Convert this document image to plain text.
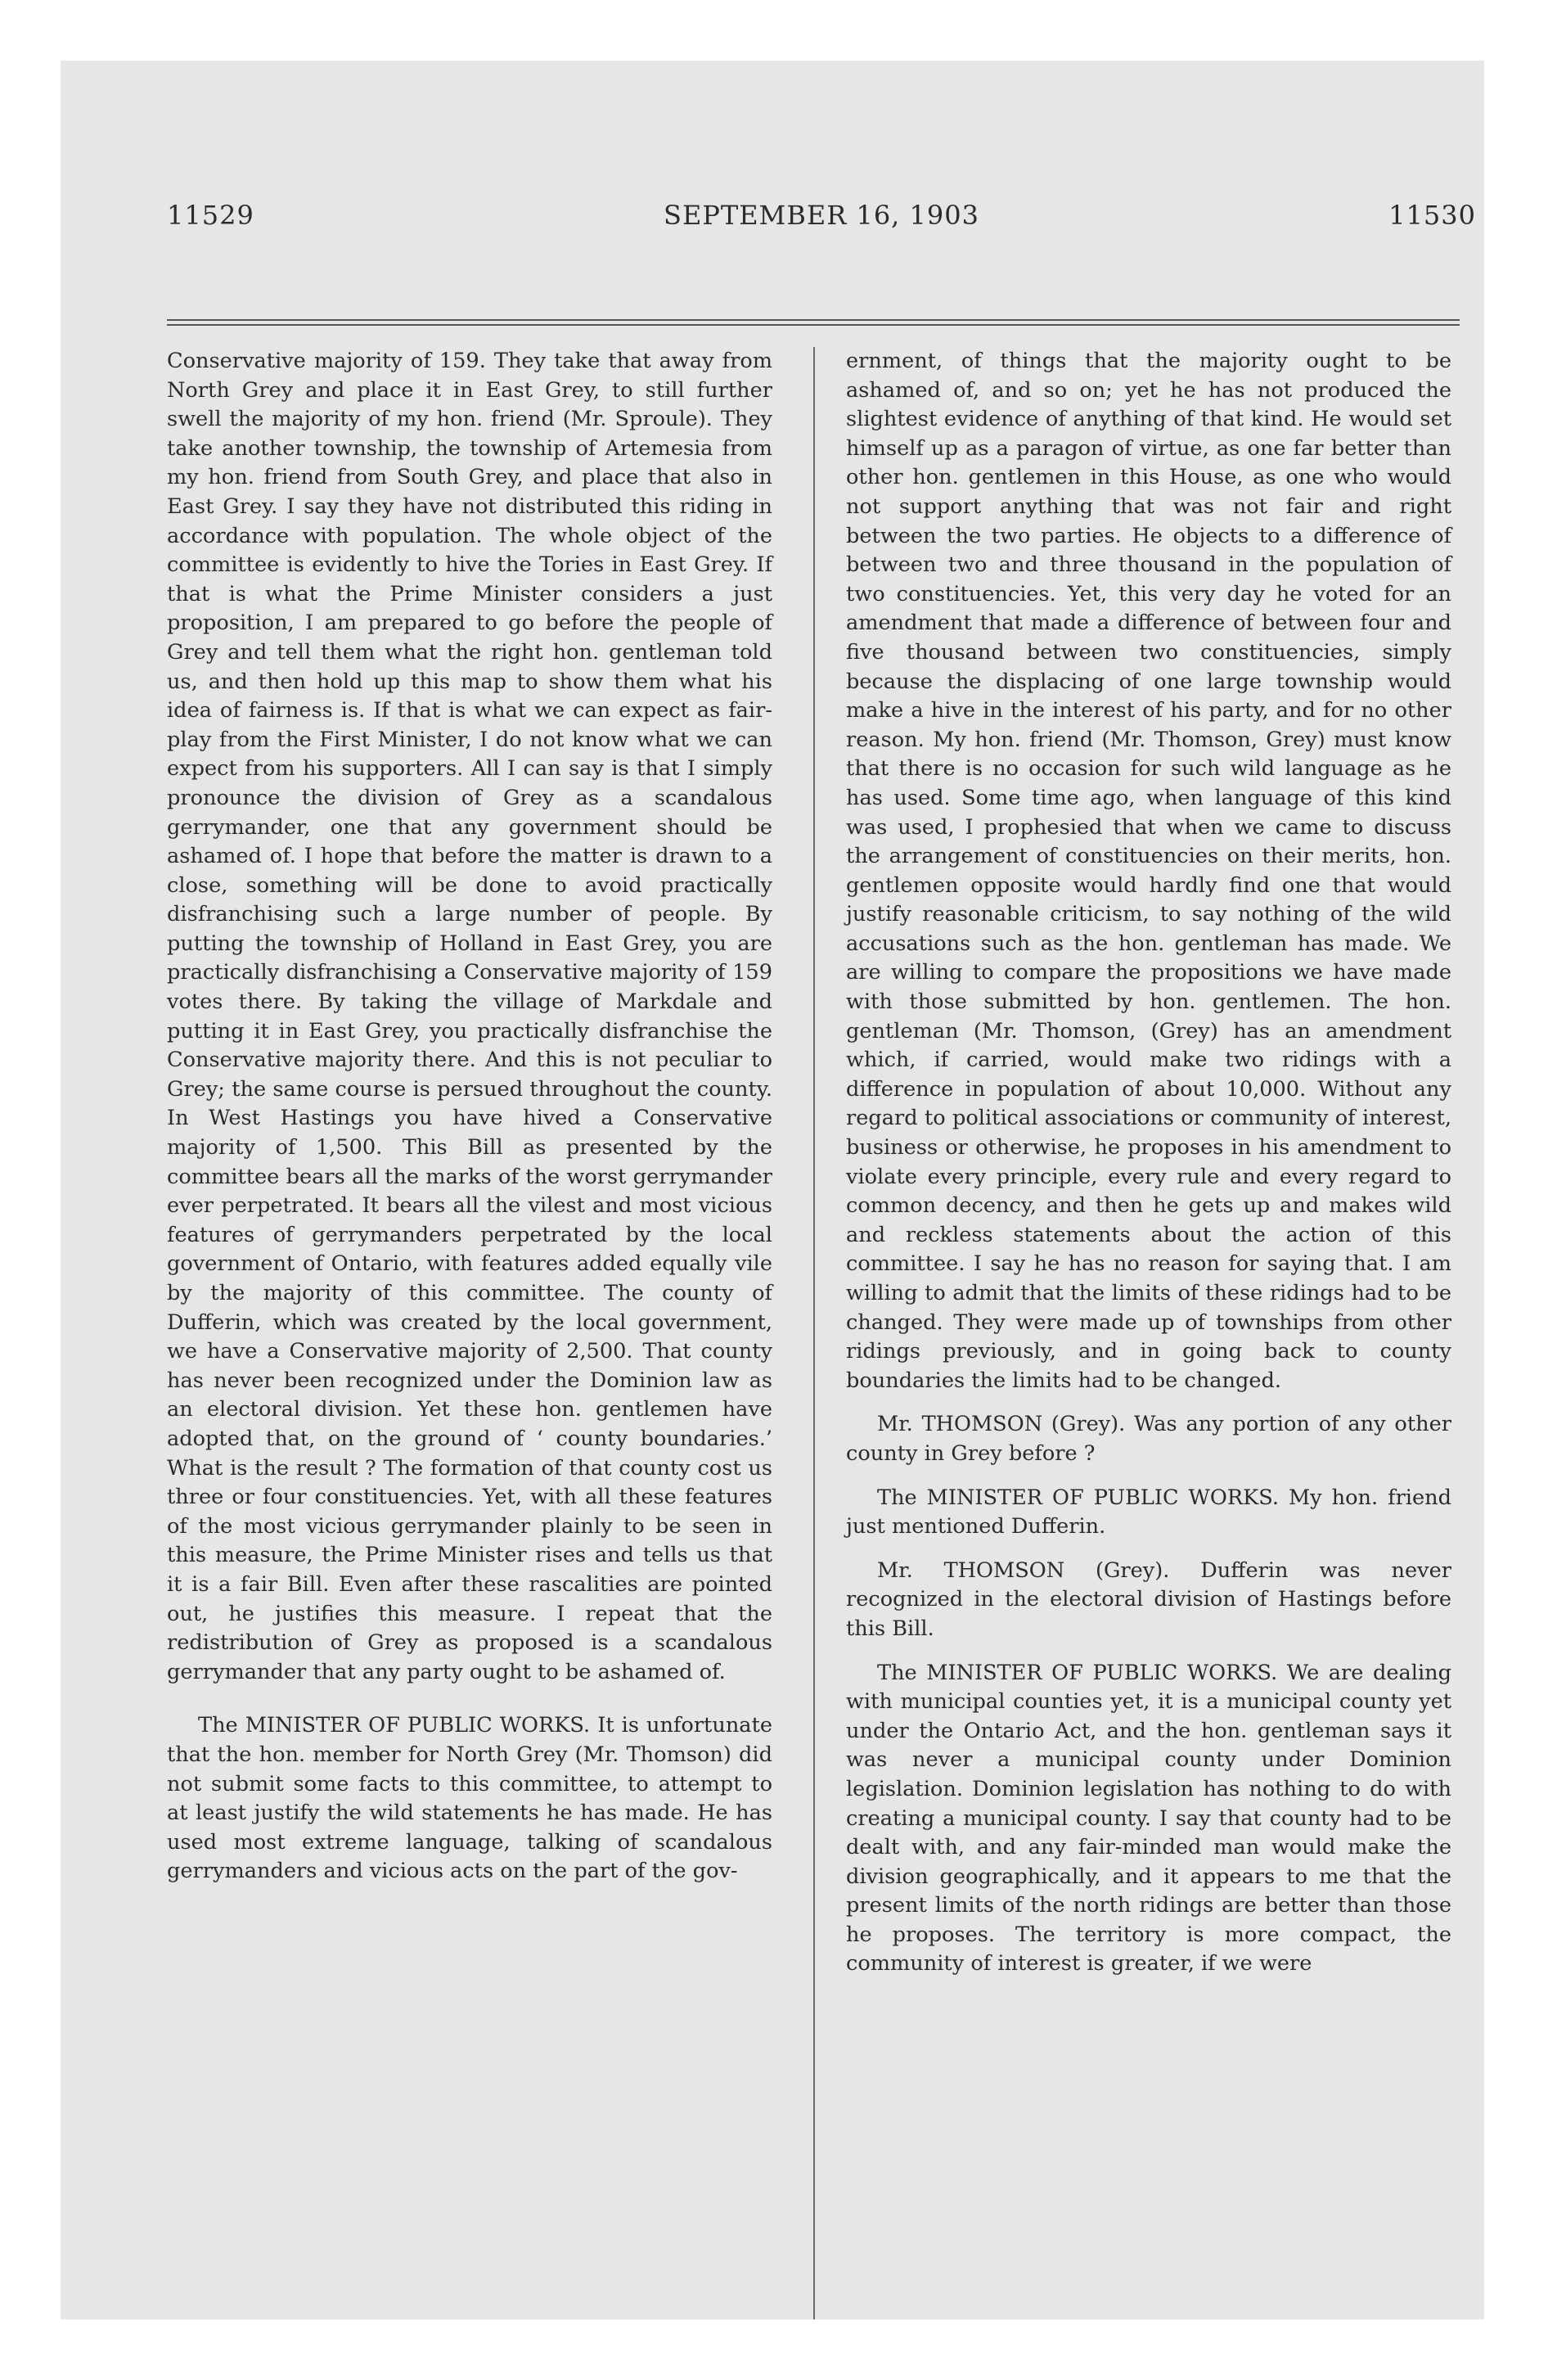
11529	SEPTEMBER 16, 1903	11530

Conservative majority of 159. They take that away from North Grey and place it in East Grey, to still further swell the majority of my hon. friend (Mr. Sproule). They take another township, the township of Artemesia from my hon. friend from South Grey, and place that also in East Grey. I say they have not distributed this riding in accordance with population. The whole object of the committee is evidently to hive the Tories in East Grey. If that is what the Prime Minister considers a just proposition, I am prepared to go before the people of Grey and tell them what the right hon. gentleman told us, and then hold up this map to show them what his idea of fairness is. If that is what we can expect as fair-play from the First Minister, I do not know what we can expect from his supporters. All I can say is that I simply pronounce the division of Grey as a scandalous gerrymander, one that any government should be ashamed of. I hope that before the matter is drawn to a close, something will be done to avoid practically disfranchising such a large number of people. By putting the township of Holland in East Grey, you are practically disfranchising a Conservative majority of 159 votes there. By taking the village of Markdale and putting it in East Grey, you practically disfranchise the Conservative majority there. And this is not peculiar to Grey; the same course is persued throughout the county. In West Hastings you have hived a Conservative majority of 1,500. This Bill as presented by the committee bears all the marks of the worst gerrymander ever perpetrated. It bears all the vilest and most vicious features of gerrymanders perpetrated by the local government of Ontario, with features added equally vile by the majority of this committee. The county of Dufferin, which was created by the local government, we have a Conservative majority of 2,500. That county has never been recognized under the Dominion law as an electoral division. Yet these hon. gentlemen have adopted that, on the ground of ‘ county boundaries.’ What is the result ? The formation of that county cost us three or four constituencies. Yet, with all these features of the most vicious gerrymander plainly to be seen in this measure, the Prime Minister rises and tells us that it is a fair Bill. Even after these rascalities are pointed out, he justifies this measure. I repeat that the redistribution of Grey as proposed is a scandalous gerrymander that any party ought to be ashamed of.

The MINISTER OF PUBLIC WORKS. It is unfortunate that the hon. member for North Grey (Mr. Thomson) did not submit some facts to this committee, to attempt to at least justify the wild statements he has made. He has used most extreme language, talking of scandalous gerrymanders and vicious acts on the part of the gov-

ernment, of things that the majority ought to be ashamed of, and so on; yet he has not produced the slightest evidence of anything of that kind. He would set himself up as a paragon of virtue, as one far better than other hon. gentlemen in this House, as one who would not support anything that was not fair and right between the two parties. He objects to a difference of between two and three thousand in the population of two constituencies. Yet, this very day he voted for an amendment that made a difference of between four and five thousand between two constituencies, simply because the displacing of one large township would make a hive in the interest of his party, and for no other reason. My hon. friend (Mr. Thomson, Grey) must know that there is no occasion for such wild language as he has used. Some time ago, when language of this kind was used, I prophesied that when we came to discuss the arrangement of constituencies on their merits, hon. gentlemen opposite would hardly find one that would justify reasonable criticism, to say nothing of the wild accusations such as the hon. gentleman has made. We are willing to compare the propositions we have made with those submitted by hon. gentlemen. The hon. gentleman (Mr. Thomson, (Grey) has an amendment which, if carried, would make two ridings with a difference in population of about 10,000. Without any regard to political associations or community of interest, business or otherwise, he proposes in his amendment to violate every principle, every rule and every regard to common decency, and then he gets up and makes wild and reckless statements about the action of this committee. I say he has no reason for saying that. I am willing to admit that the limits of these ridings had to be changed. They were made up of townships from other ridings previously, and in going back to county boundaries the limits had to be changed.

Mr. THOMSON (Grey). Was any portion of any other county in Grey before ?

The MINISTER OF PUBLIC WORKS. My hon. friend just mentioned Dufferin.

Mr. THOMSON (Grey). Dufferin was never recognized in the electoral division of Hastings before this Bill.

The MINISTER OF PUBLIC WORKS. We are dealing with municipal counties yet, it is a municipal county yet under the Ontario Act, and the hon. gentleman says it was never a municipal county under Dominion legislation. Dominion legislation has nothing to do with creating a municipal county. I say that county had to be dealt with, and any fair-minded man would make the division geographically, and it appears to me that the present limits of the north ridings are better than those he proposes. The territory is more compact, the community of interest is greater, if we were
